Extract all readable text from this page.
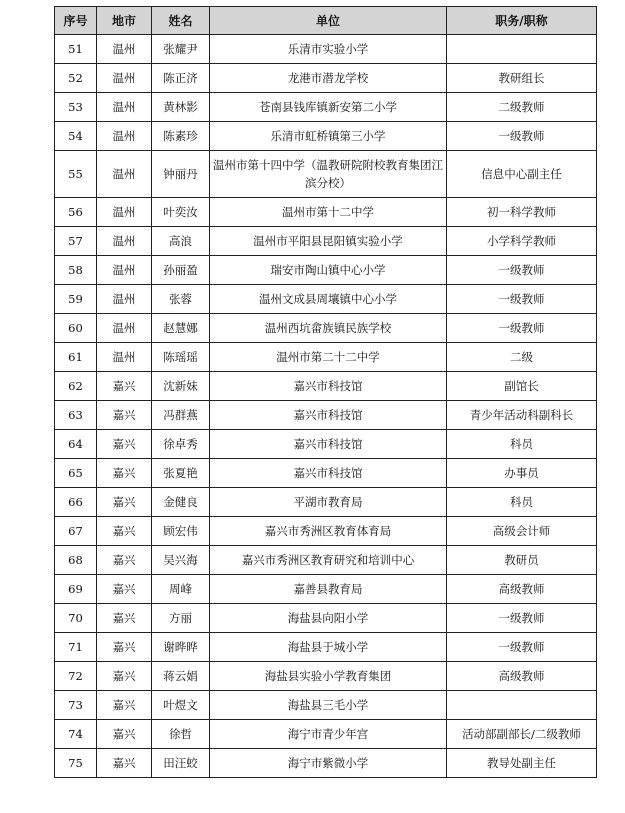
序号	地市	姓名	单位	职务/职称
51	温州	张耀尹	乐清市实验小学	
52	温州	陈正济	龙港市潜龙学校	教研组长
53	温州	黄林影	苍南县钱库镇新安第二小学	二级教师
54	温州	陈素珍	乐清市虹桥镇第三小学	一级教师
55	温州	钟丽丹	温州市第十四中学（温教研院附校教育集团江滨分校）	信息中心副主任
56	温州	叶奕汝	温州市第十二中学	初一科学教师
57	温州	高浪	温州市平阳县昆阳镇实验小学	小学科学教师
58	温州	孙丽盈	瑞安市陶山镇中心小学	一级教师
59	温州	张蓉	温州文成县周壤镇中心小学	一级教师
60	温州	赵慧娜	温州西坑畲族镇民族学校	一级教师
61	温州	陈瑶瑶	温州市第二十二中学	二级
62	嘉兴	沈新妹	嘉兴市科技馆	副馆长
63	嘉兴	冯群燕	嘉兴市科技馆	青少年活动科副科长
64	嘉兴	徐卓秀	嘉兴市科技馆	科员
65	嘉兴	张夏艳	嘉兴市科技馆	办事员
66	嘉兴	金健良	平湖市教育局	科员
67	嘉兴	顾宏伟	嘉兴市秀洲区教育体育局	高级会计师
68	嘉兴	吴兴海	嘉兴市秀洲区教育研究和培训中心	教研员
69	嘉兴	周峰	嘉善县教育局	高级教师
70	嘉兴	方丽	海盐县向阳小学	一级教师
71	嘉兴	谢晔晔	海盐县于城小学	一级教师
72	嘉兴	蒋云娟	海盐县实验小学教育集团	高级教师
73	嘉兴	叶煜文	海盐县三毛小学	
74	嘉兴	徐哲	海宁市青少年宫	活动部副部长/二级教师
75	嘉兴	田汪蛟	海宁市紫微小学	教导处副主任
